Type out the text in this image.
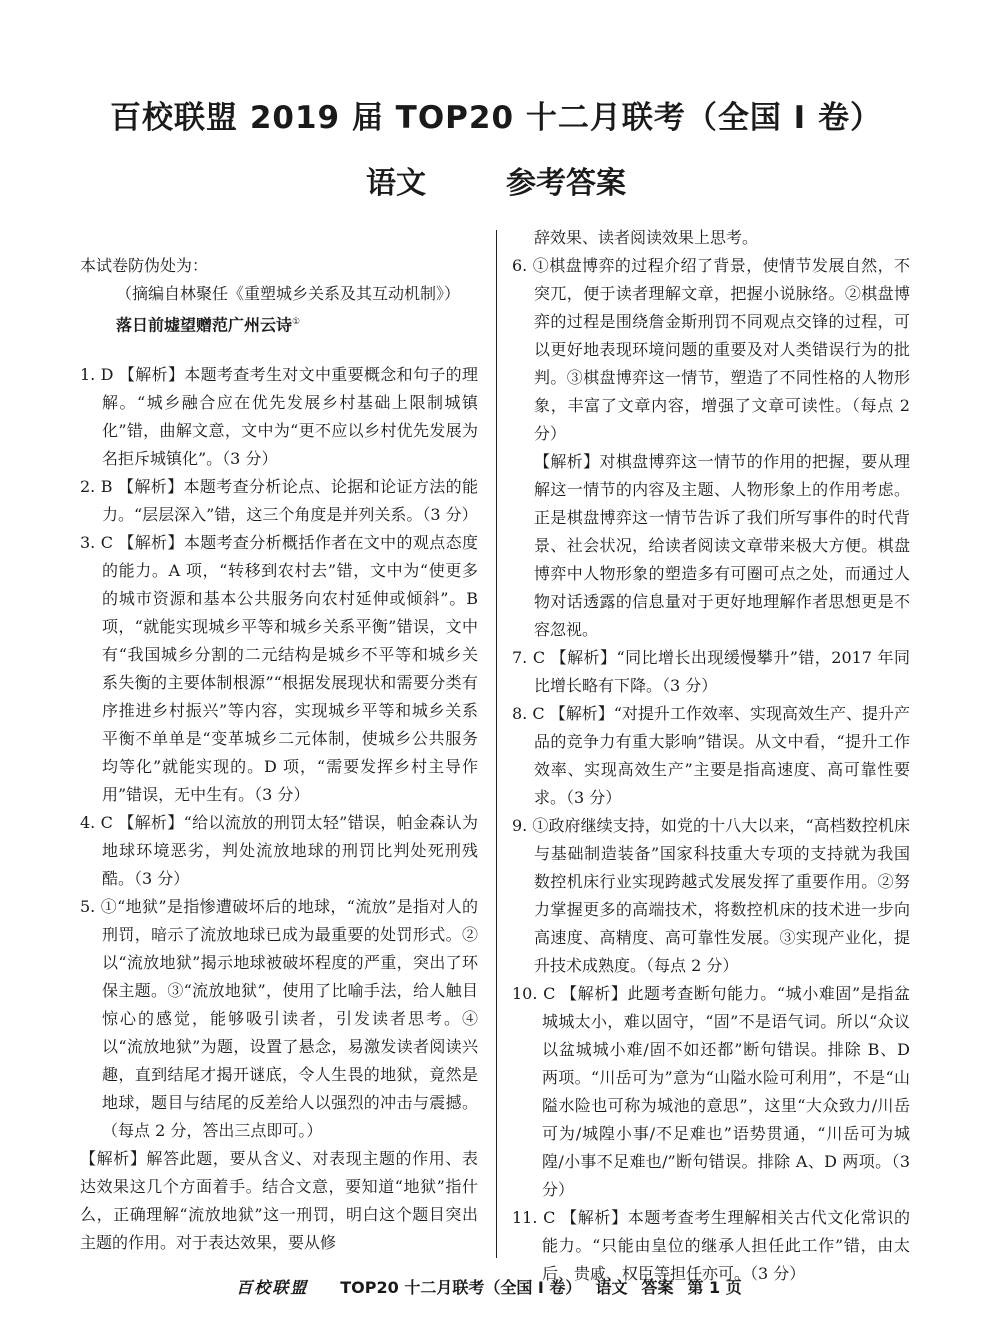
百校联盟 2019 届 TOP20 十二月联考（全国 Ⅰ 卷）
语文	参考答案
本试卷防伪处为：
（摘编自林聚任《重塑城乡关系及其互动机制》）
落日前墟望赠范广州云诗①
1. D 【解析】本题考查考生对文中重要概念和句子的理解。“城乡融合应在优先发展乡村基础上限制城镇化”错，曲解文意，文中为“更不应以乡村优先发展为名拒斥城镇化”。（3 分）
2. B 【解析】本题考查分析论点、论据和论证方法的能力。“层层深入”错，这三个角度是并列关系。（3 分）
3. C 【解析】本题考查分析概括作者在文中的观点态度的能力。A 项，“转移到农村去”错，文中为“使更多的城市资源和基本公共服务向农村延伸或倾斜”。B 项，“就能实现城乡平等和城乡关系平衡”错误，文中有“我国城乡分割的二元结构是城乡不平等和城乡关系失衡的主要体制根源”“根据发展现状和需要分类有序推进乡村振兴”等内容，实现城乡平等和城乡关系平衡不单单是“变革城乡二元体制，使城乡公共服务均等化”就能实现的。D 项，“需要发挥乡村主导作用”错误，无中生有。（3 分）
4. C 【解析】“给以流放的刑罚太轻”错误，帕金森认为地球环境恶劣，判处流放地球的刑罚比判处死刑残酷。（3 分）
5. ①“地狱”是指惨遭破坏后的地球，“流放”是指对人的刑罚，暗示了流放地球已成为最重要的处罚形式。②以“流放地狱”揭示地球被破坏程度的严重，突出了环保主题。③“流放地狱”，使用了比喻手法，给人触目惊心的感觉，能够吸引读者，引发读者思考。④以“流放地狱”为题，设置了悬念，易激发读者阅读兴趣，直到结尾才揭开谜底，令人生畏的地狱，竟然是地球，题目与结尾的反差给人以强烈的冲击与震撼。（每点 2 分，答出三点即可。）
【解析】解答此题，要从含义、对表现主题的作用、表达效果这几个方面着手。结合文意，要知道“地狱”指什么，正确理解“流放地狱”这一刑罚，明白这个题目突出主题的作用。对于表达效果，要从修
辞效果、读者阅读效果上思考。
6. ①棋盘博弈的过程介绍了背景，使情节发展自然，不突兀，便于读者理解文章，把握小说脉络。②棋盘博弈的过程是围绕詹金斯刑罚不同观点交锋的过程，可以更好地表现环境问题的重要及对人类错误行为的批判。③棋盘博弈这一情节，塑造了不同性格的人物形象，丰富了文章内容，增强了文章可读性。（每点 2 分）
【解析】对棋盘博弈这一情节的作用的把握，要从理解这一情节的内容及主题、人物形象上的作用考虑。正是棋盘博弈这一情节告诉了我们所写事件的时代背景、社会状况，给读者阅读文章带来极大方便。棋盘博弈中人物形象的塑造多有可圈可点之处，而通过人物对话透露的信息量对于更好地理解作者思想更是不容忽视。
7. C 【解析】“同比增长出现缓慢攀升”错，2017 年同比增长略有下降。（3 分）
8. C 【解析】“对提升工作效率、实现高效生产、提升产品的竞争力有重大影响”错误。从文中看，“提升工作效率、实现高效生产”主要是指高速度、高可靠性要求。（3 分）
9. ①政府继续支持，如党的十八大以来，“高档数控机床与基础制造装备”国家科技重大专项的支持就为我国数控机床行业实现跨越式发展发挥了重要作用。②努力掌握更多的高端技术，将数控机床的技术进一步向高速度、高精度、高可靠性发展。③实现产业化，提升技术成熟度。（每点 2 分）
10. C 【解析】此题考查断句能力。“城小难固”是指盆城城太小，难以固守，“固”不是语气词。所以“众议以盆城城小难/固不如还都”断句错误。排除 B、D 两项。“川岳可为”意为“山隘水险可利用”，不是“山隘水险也可称为城池的意思”，这里“大众致力/川岳可为/城隍小事/不足难也”语势贯通，“川岳可为城隍/小事不足难也/”断句错误。排除 A、D 两项。（3 分）
11. C 【解析】本题考查考生理解相关古代文化常识的能力。“只能由皇位的继承人担任此工作”错，由太后、贵戚、权臣等担任亦可。（3 分）
百校联盟 TOP20 十二月联考（全国 Ⅰ 卷） 语文 答案 第 1 页
